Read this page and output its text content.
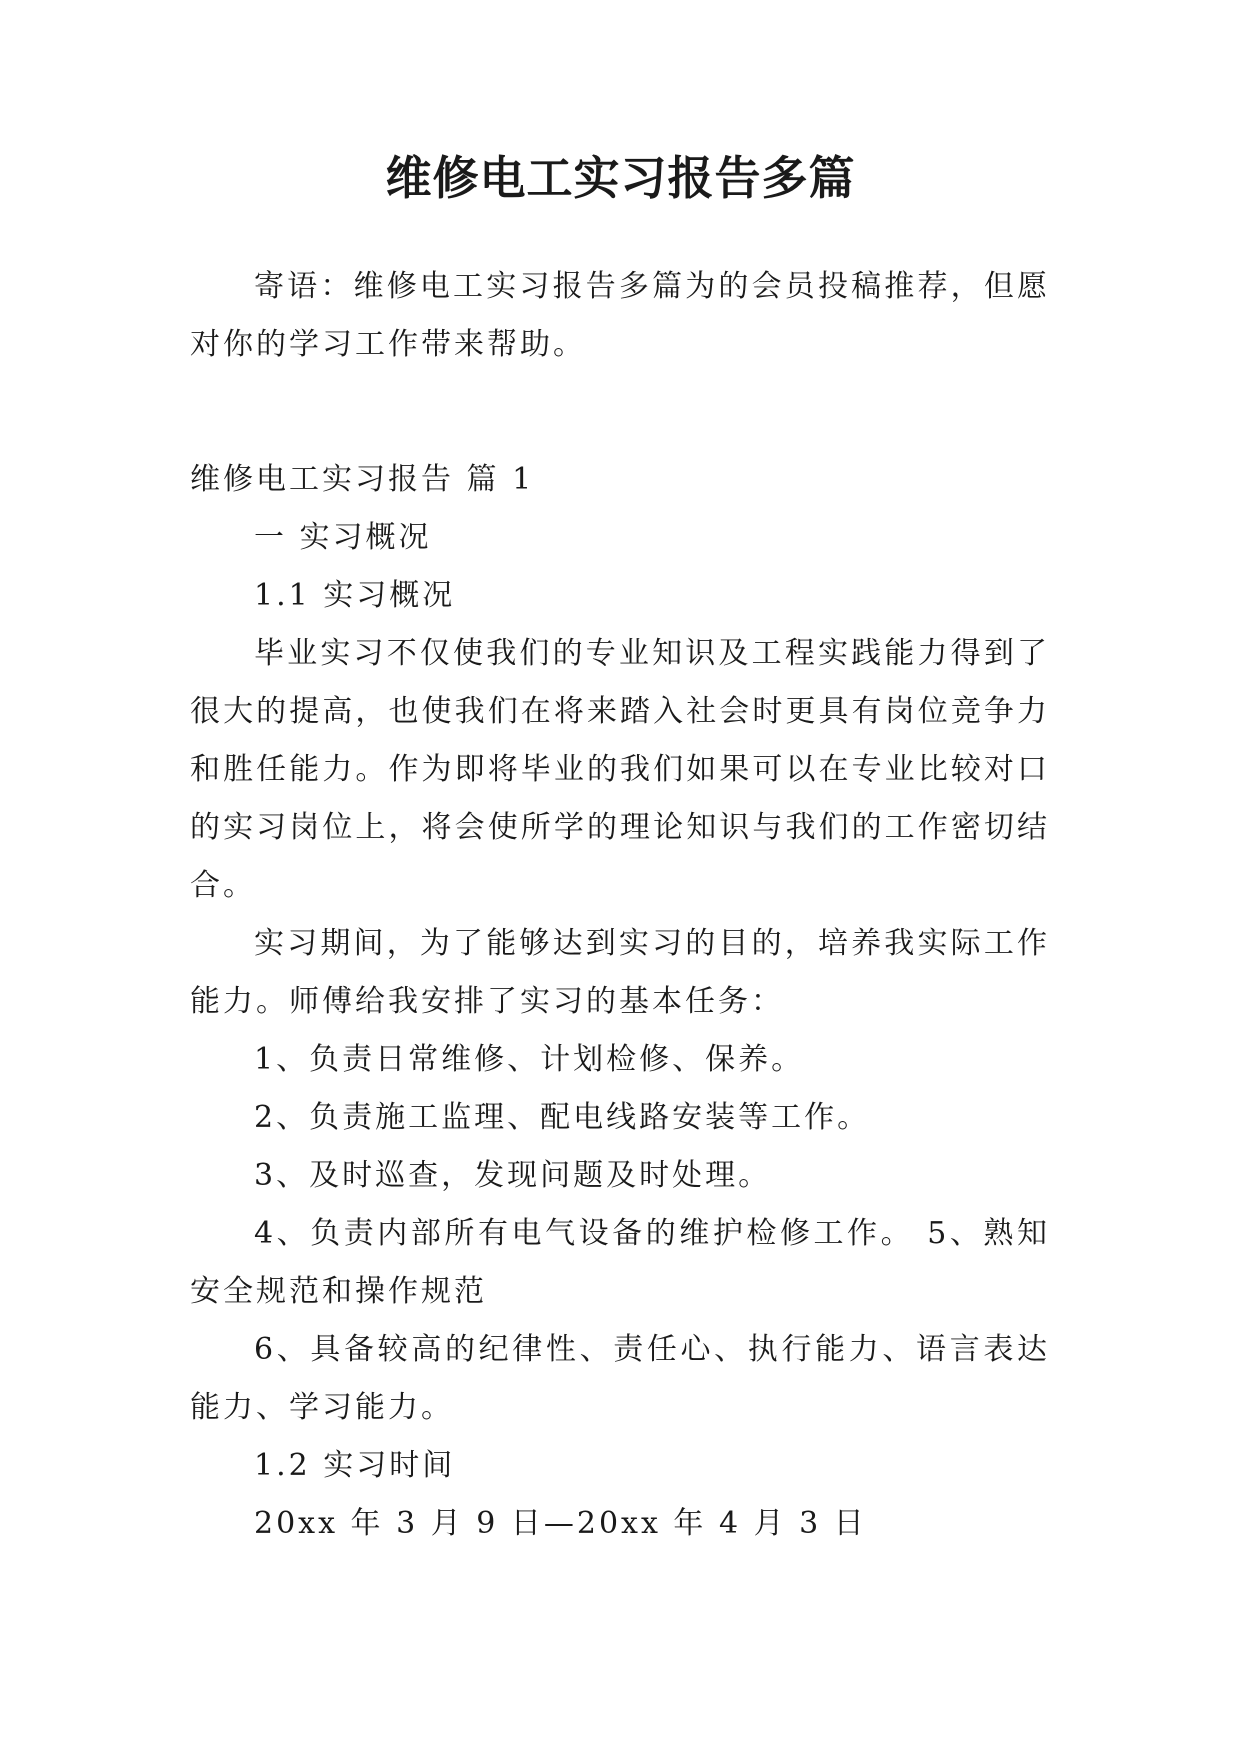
维修电工实习报告多篇

寄语：维修电工实习报告多篇为的会员投稿推荐，但愿对你的学习工作带来帮助。

维修电工实习报告 篇 1

一 实习概况

1.1 实习概况

毕业实习不仅使我们的专业知识及工程实践能力得到了很大的提高，也使我们在将来踏入社会时更具有岗位竞争力和胜任能力。作为即将毕业的我们如果可以在专业比较对口的实习岗位上，将会使所学的理论知识与我们的工作密切结合。

实习期间，为了能够达到实习的目的，培养我实际工作能力。师傅给我安排了实习的基本任务：

1、负责日常维修、计划检修、保养。

2、负责施工监理、配电线路安装等工作。

3、及时巡查，发现问题及时处理。

4、负责内部所有电气设备的维护检修工作。 5、熟知安全规范和操作规范

6、具备较高的纪律性、责任心、执行能力、语言表达能力、学习能力。

1.2 实习时间

20xx 年 3 月 9 日—20xx 年 4 月 3 日
